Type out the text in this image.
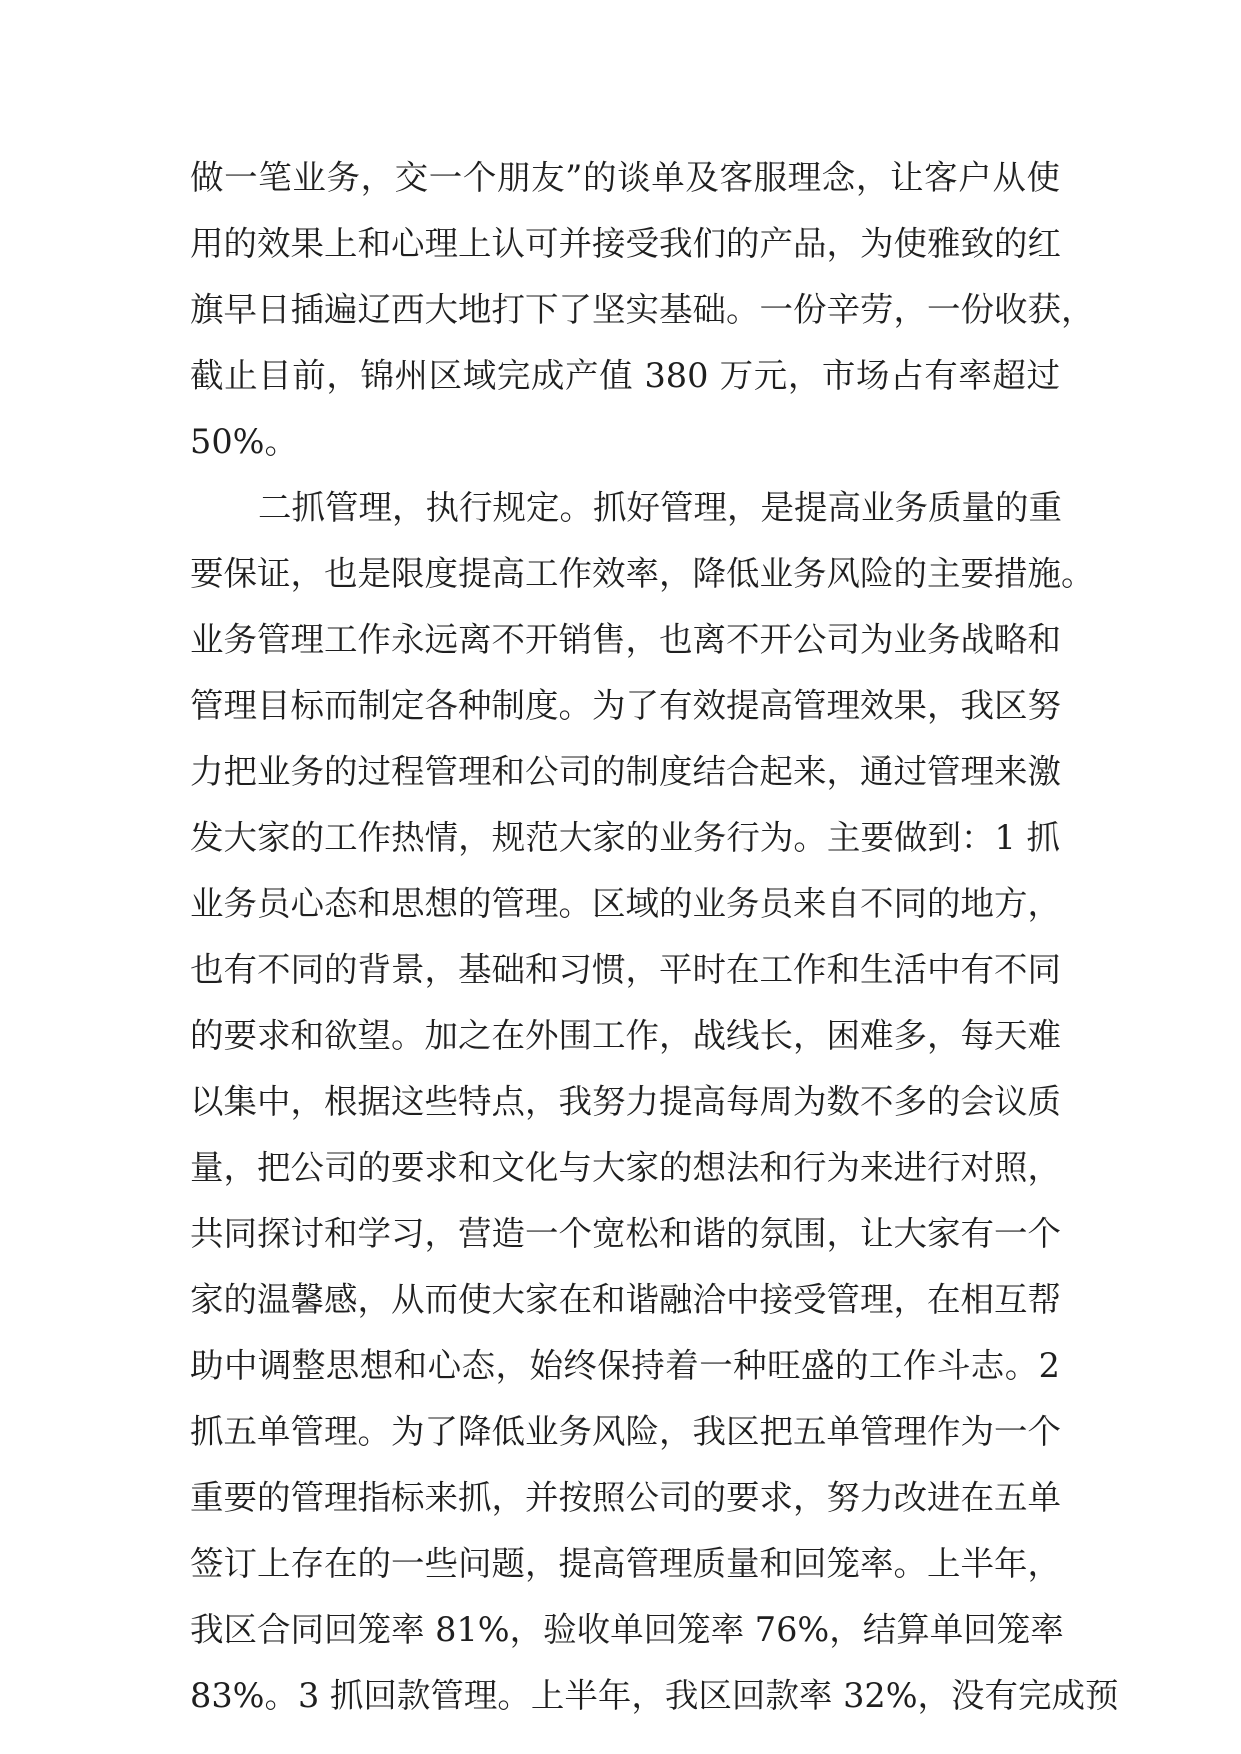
做一笔业务，交一个朋友”的谈单及客服理念，让客户从使
用的效果上和心理上认可并接受我们的产品，为使雅致的红
旗早日插遍辽西大地打下了坚实基础。一份辛劳，一份收获，
截止目前，锦州区域完成产值 380 万元，市场占有率超过
50%。
二抓管理，执行规定。抓好管理，是提高业务质量的重
要保证，也是限度提高工作效率，降低业务风险的主要措施。
业务管理工作永远离不开销售，也离不开公司为业务战略和
管理目标而制定各种制度。为了有效提高管理效果，我区努
力把业务的过程管理和公司的制度结合起来，通过管理来激
发大家的工作热情，规范大家的业务行为。主要做到：1 抓
业务员心态和思想的管理。区域的业务员来自不同的地方，
也有不同的背景，基础和习惯，平时在工作和生活中有不同
的要求和欲望。加之在外围工作，战线长，困难多，每天难
以集中，根据这些特点，我努力提高每周为数不多的会议质
量，把公司的要求和文化与大家的想法和行为来进行对照，
共同探讨和学习，营造一个宽松和谐的氛围，让大家有一个
家的温馨感，从而使大家在和谐融洽中接受管理，在相互帮
助中调整思想和心态，始终保持着一种旺盛的工作斗志。2
抓五单管理。为了降低业务风险，我区把五单管理作为一个
重要的管理指标来抓，并按照公司的要求，努力改进在五单
签订上存在的一些问题，提高管理质量和回笼率。上半年，
我区合同回笼率 81%，验收单回笼率 76%，结算单回笼率
83%。3 抓回款管理。上半年，我区回款率 32%，没有完成预
